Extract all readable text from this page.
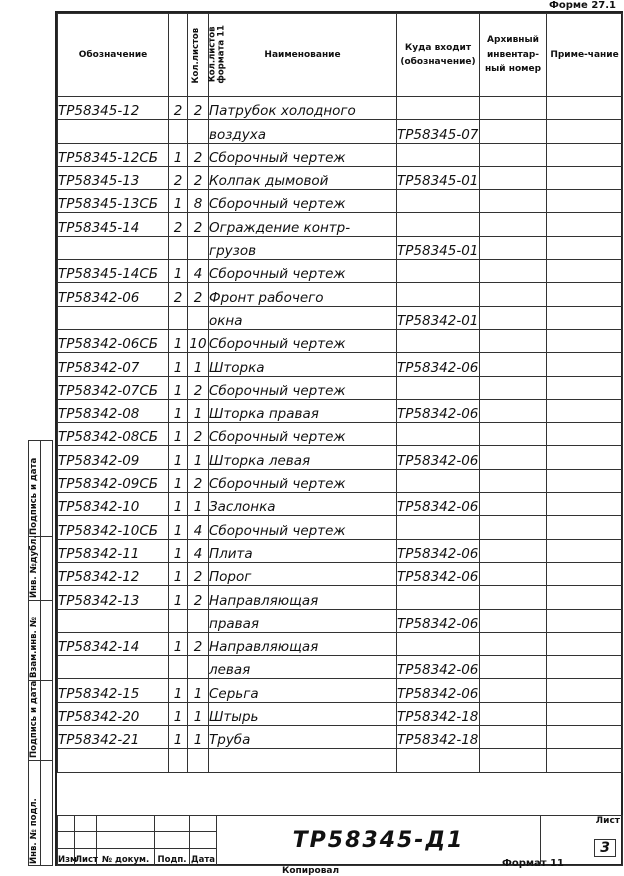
Форме 27.1
Обозначение	Кол.листов	Кол.листов формата 11	Наименование	Куда входит (обозначение)	Архивный инвентар-ный номер	Приме-чание
ТР58345-12	2	2	Патрубок холодного			
			воздуха	ТР58345-07		
ТР58345-12СБ	1	2	Сборочный чертеж			
ТР58345-13	2	2	Колпак дымовой	ТР58345-01		
ТР58345-13СБ	1	8	Сборочный чертеж			
ТР58345-14	2	2	Ограждение контр-			
			грузов	ТР58345-01		
ТР58345-14СБ	1	4	Сборочный чертеж			
ТР58342-06	2	2	Фронт рабочего			
			окна	ТР58342-01		
ТР58342-06СБ	1	10	Сборочный чертеж			
ТР58342-07	1	1	Шторка	ТР58342-06		
ТР58342-07СБ	1	2	Сборочный чертеж			
ТР58342-08	1	1	Шторка правая	ТР58342-06		
ТР58342-08СБ	1	2	Сборочный чертеж			
ТР58342-09	1	1	Шторка левая	ТР58342-06		
ТР58342-09СБ	1	2	Сборочный чертеж			
ТР58342-10	1	1	Заслонка	ТР58342-06		
ТР58342-10СБ	1	4	Сборочный чертеж			
ТР58342-11	1	4	Плита	ТР58342-06		
ТР58342-12	1	2	Порог	ТР58342-06		
ТР58342-13	1	2	Направляющая			
			правая	ТР58342-06		
ТР58342-14	1	2	Направляющая			
			левая	ТР58342-06		
ТР58342-15	1	1	Серьга	ТР58342-06		
ТР58342-20	1	1	Штырь	ТР58342-18		
ТР58342-21	1	1	Труба	ТР58342-18		

					ТР58345-Д1	Лист
						3
Изм	Лист	№ докум.	Подп.	Дата			Формат 11
Копировал
Подпись и дата
Инв. №дубл.
Взам.инв. №
Подпись и дата
Инв. № подл.
